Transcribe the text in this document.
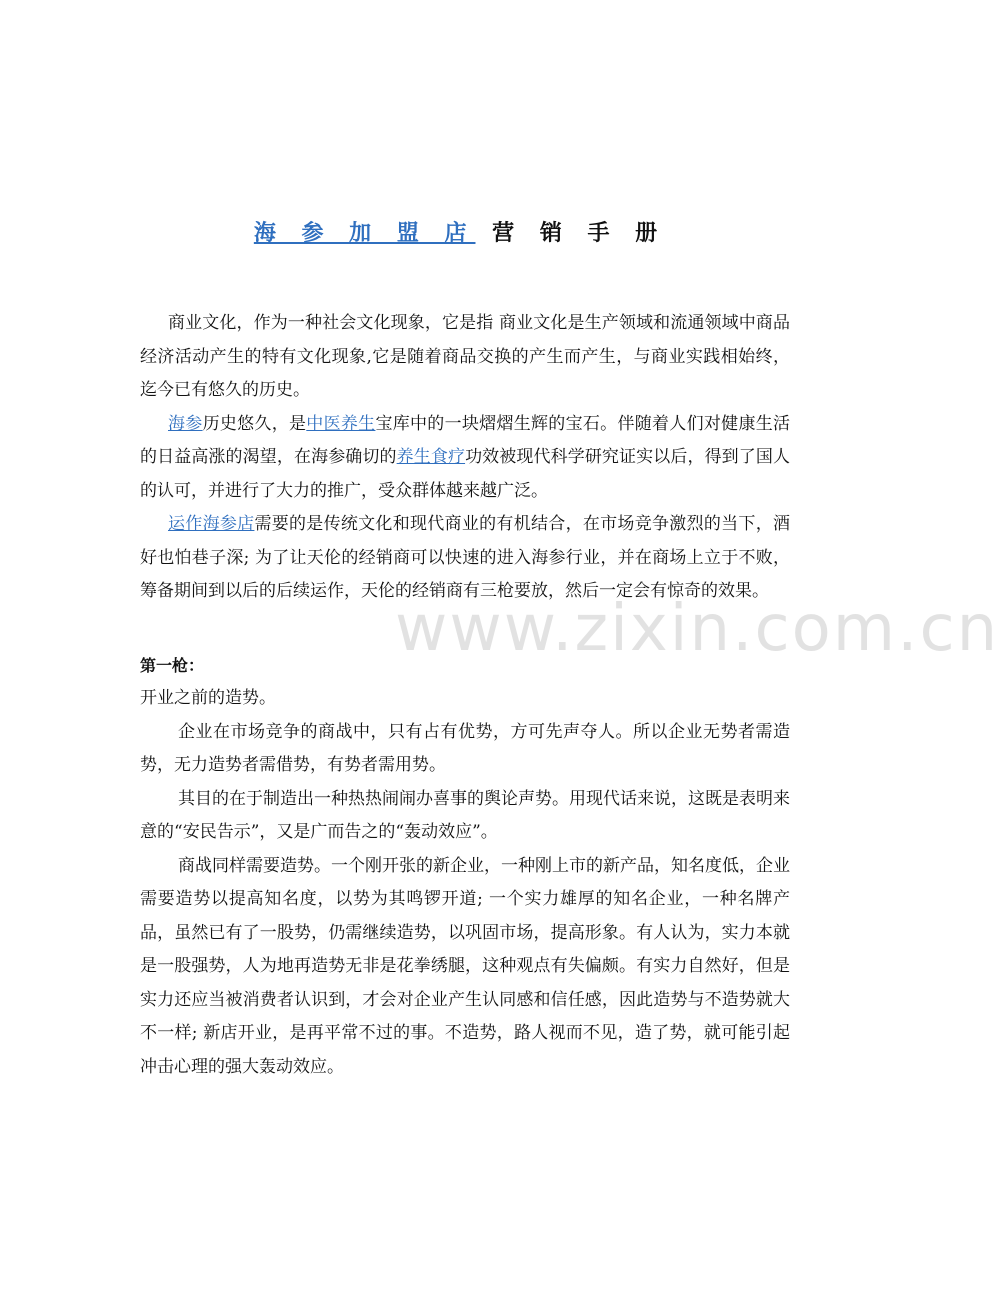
海 参 加 盟 店 营 销 手 册

商业文化，作为一种社会文化现象，它是指 商业文化是生产领域和流通领域中商品经济活动产生的特有文化现象,它是随着商品交换的产生而产生，与商业实践相始终，迄今已有悠久的历史。

海参历史悠久，是中医养生宝库中的一块熠熠生辉的宝石。伴随着人们对健康生活的日益高涨的渴望，在海参确切的养生食疗功效被现代科学研究证实以后，得到了国人的认可，并进行了大力的推广，受众群体越来越广泛。

运作海参店需要的是传统文化和现代商业的有机结合，在市场竞争激烈的当下，酒好也怕巷子深; 为了让天伦的经销商可以快速的进入海参行业，并在商场上立于不败，筹备期间到以后的后续运作，天伦的经销商有三枪要放，然后一定会有惊奇的效果。

第一枪：

开业之前的造势。

企业在市场竞争的商战中，只有占有优势，方可先声夺人。所以企业无势者需造势，无力造势者需借势，有势者需用势。

其目的在于制造出一种热热闹闹办喜事的舆论声势。用现代话来说，这既是表明来意的“安民告示”，又是广而告之的“轰动效应”。

商战同样需要造势。一个刚开张的新企业，一种刚上市的新产品，知名度低，企业需要造势以提高知名度，以势为其鸣锣开道; 一个实力雄厚的知名企业，一种名牌产品，虽然已有了一股势，仍需继续造势，以巩固市场，提高形象。有人认为，实力本就是一股强势，人为地再造势无非是花拳绣腿，这种观点有失偏颇。有实力自然好，但是实力还应当被消费者认识到，才会对企业产生认同感和信任感，因此造势与不造势就大不一样; 新店开业，是再平常不过的事。不造势，路人视而不见，造了势，就可能引起冲击心理的强大轰动效应。

www.zixin.com.cn
